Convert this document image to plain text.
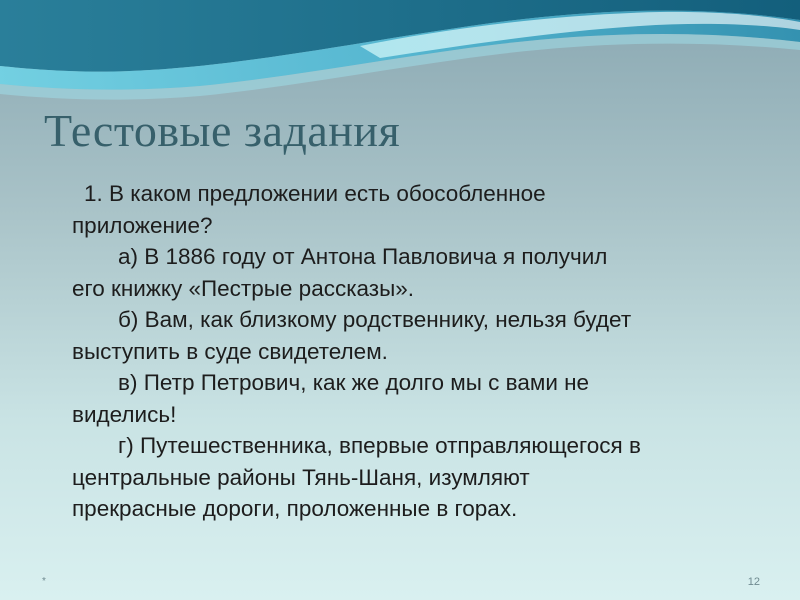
Тестовые задания

1. В каком предложении есть обособленное

приложение?

а) В 1886 году от Антона Павловича я получил

его книжку «Пестрые рассказы».

б) Вам, как близкому родственнику, нельзя будет

выступить в суде свидетелем.

в) Петр Петрович, как же долго мы с вами не

виделись!

г) Путешественника, впервые отправляющегося в

центральные районы Тянь-Шаня, изумляют

прекрасные дороги, проложенные в горах.

*	12
